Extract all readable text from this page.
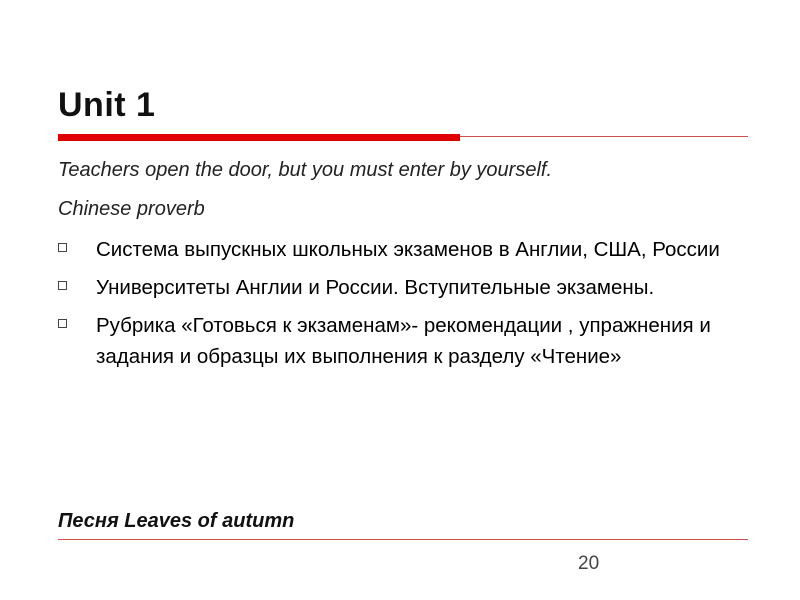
Unit 1
Teachers open the door, but you must enter by yourself.
Chinese proverb
Система выпускных школьных экзаменов в Англии, США, России
Университеты Англии и России. Вступительные экзамены.
Рубрика «Готовься к экзаменам»- рекомендации , упражнения и задания и образцы их выполнения к разделу «Чтение»
Песня Leaves of autumn
20
